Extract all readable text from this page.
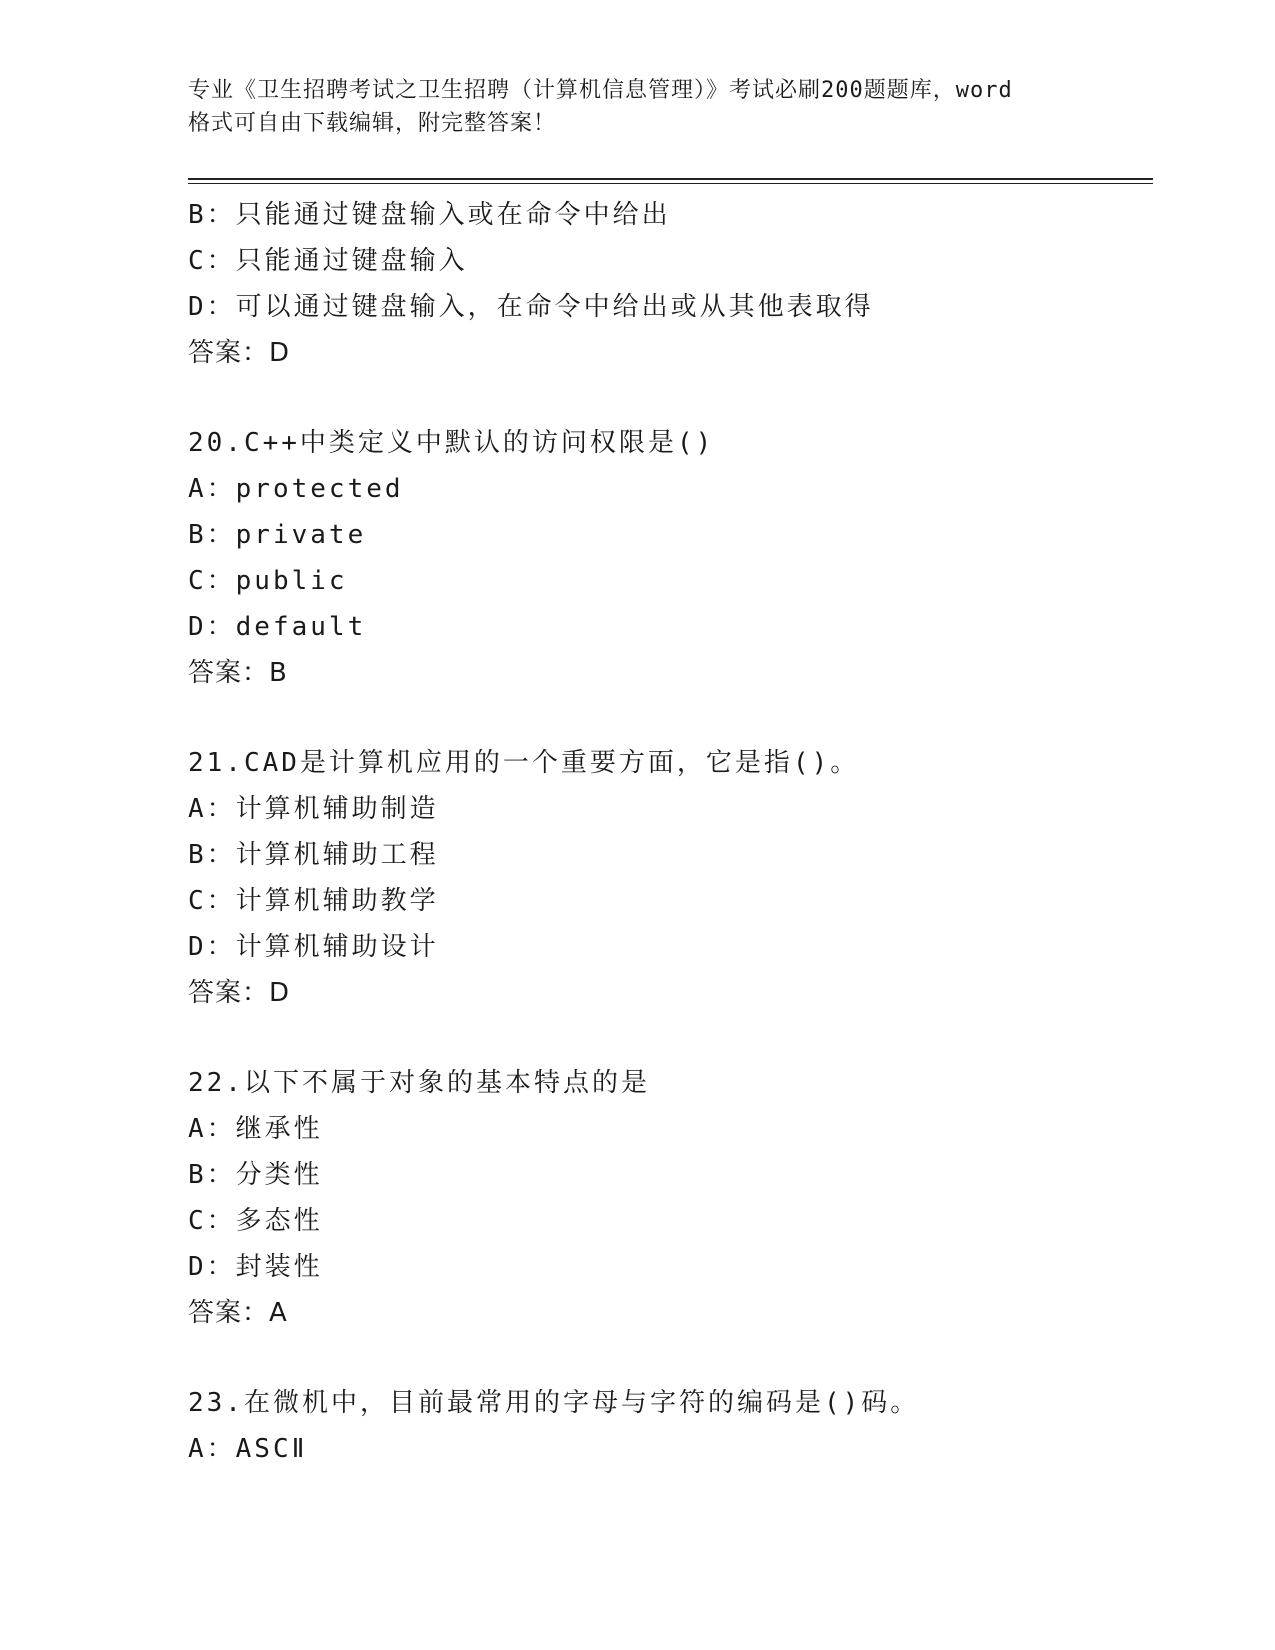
专业《卫生招聘考试之卫生招聘（计算机信息管理）》考试必刷200题题库，word
格式可自由下载编辑，附完整答案！
B：只能通过键盘输入或在命令中给出
C：只能通过键盘输入
D：可以通过键盘输入，在命令中给出或从其他表取得
答案：D
20.C++中类定义中默认的访问权限是()
A：protected
B：private
C：public
D：default
答案：B
21.CAD是计算机应用的一个重要方面，它是指()。
A：计算机辅助制造
B：计算机辅助工程
C：计算机辅助教学
D：计算机辅助设计
答案：D
22.以下不属于对象的基本特点的是
A：继承性
B：分类性
C：多态性
D：封装性
答案：A
23.在微机中，目前最常用的字母与字符的编码是()码。
A：ASCⅡ
